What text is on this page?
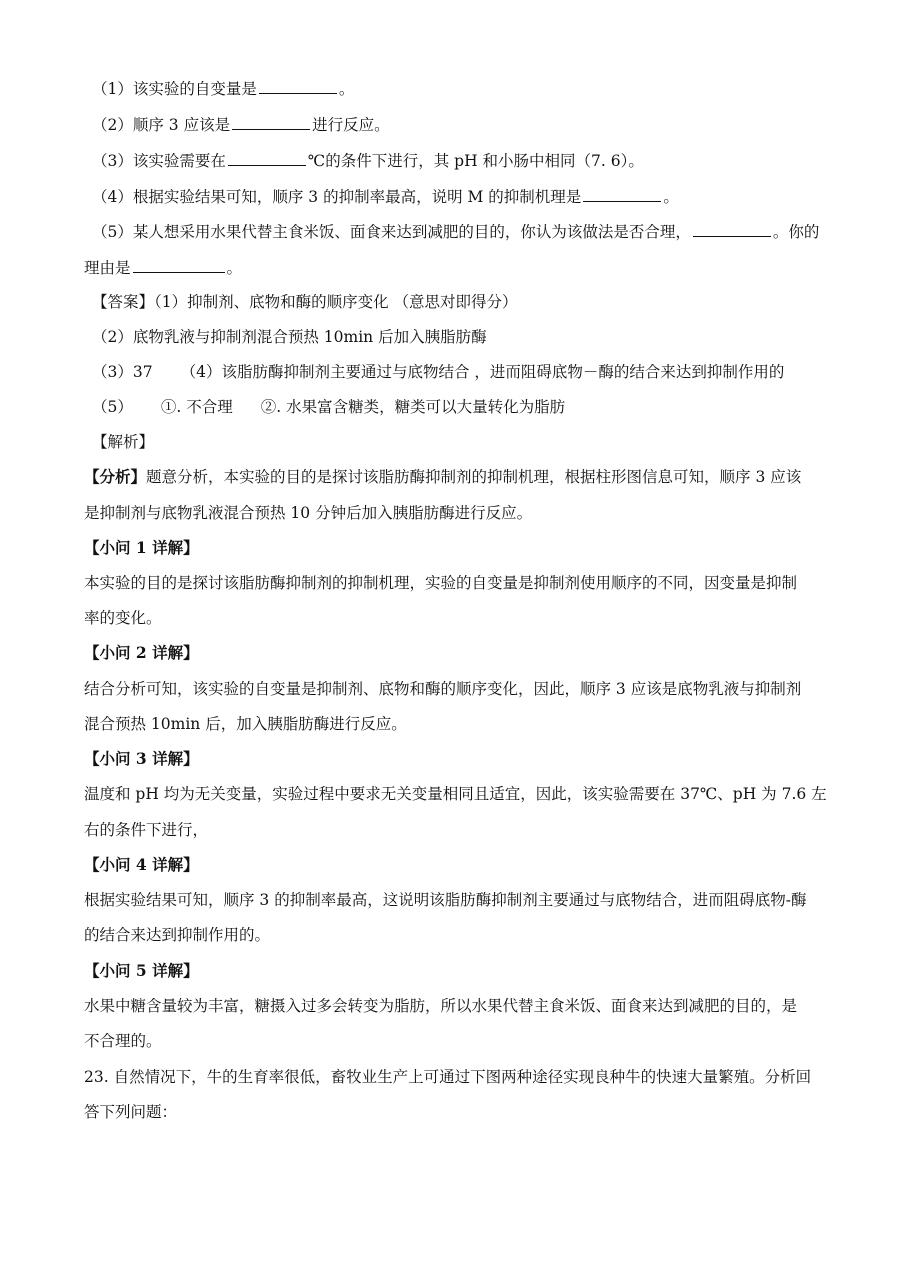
（1）该实验的自变量是	。
（2）顺序 3 应该是	进行反应。
（3）该实验需要在	℃的条件下进行，其 pH 和小肠中相同（7. 6）。
（4）根据实验结果可知，顺序 3 的抑制率最高，说明 M 的抑制机理是	。
（5）某人想采用水果代替主食米饭、面食来达到减肥的目的，你认为该做法是否合理，	。你的
理由是	。
【答案】（1）抑制剂、底物和酶的顺序变化 （意思对即得分）
（2）底物乳液与抑制剂混合预热 10min 后加入胰脂肪酶
（3）37 （4）该脂肪酶抑制剂主要通过与底物结合 ，进而阻碍底物－酶的结合来达到抑制作用的
（5） ①. 不合理 ②. 水果富含糖类，糖类可以大量转化为脂肪
【解析】
【分析】题意分析，本实验的目的是探讨该脂肪酶抑制剂的抑制机理，根据柱形图信息可知，顺序 3 应该
是抑制剂与底物乳液混合预热 10 分钟后加入胰脂肪酶进行反应。
【小问 1 详解】
本实验的目的是探讨该脂肪酶抑制剂的抑制机理，实验的自变量是抑制剂使用顺序的不同，因变量是抑制
率的变化。
【小问 2 详解】
结合分析可知，该实验的自变量是抑制剂、底物和酶的顺序变化，因此，顺序 3 应该是底物乳液与抑制剂
混合预热 10min 后，加入胰脂肪酶进行反应。
【小问 3 详解】
温度和 pH 均为无关变量，实验过程中要求无关变量相同且适宜，因此，该实验需要在 37℃、pH 为 7.6 左
右的条件下进行，
【小问 4 详解】
根据实验结果可知，顺序 3 的抑制率最高，这说明该脂肪酶抑制剂主要通过与底物结合，进而阻碍底物-酶
的结合来达到抑制作用的。
【小问 5 详解】
水果中糖含量较为丰富，糖摄入过多会转变为脂肪，所以水果代替主食米饭、面食来达到减肥的目的，是
不合理的。
23. 自然情况下，牛的生育率很低，畜牧业生产上可通过下图两种途径实现良种牛的快速大量繁殖。分析回
答下列问题：
